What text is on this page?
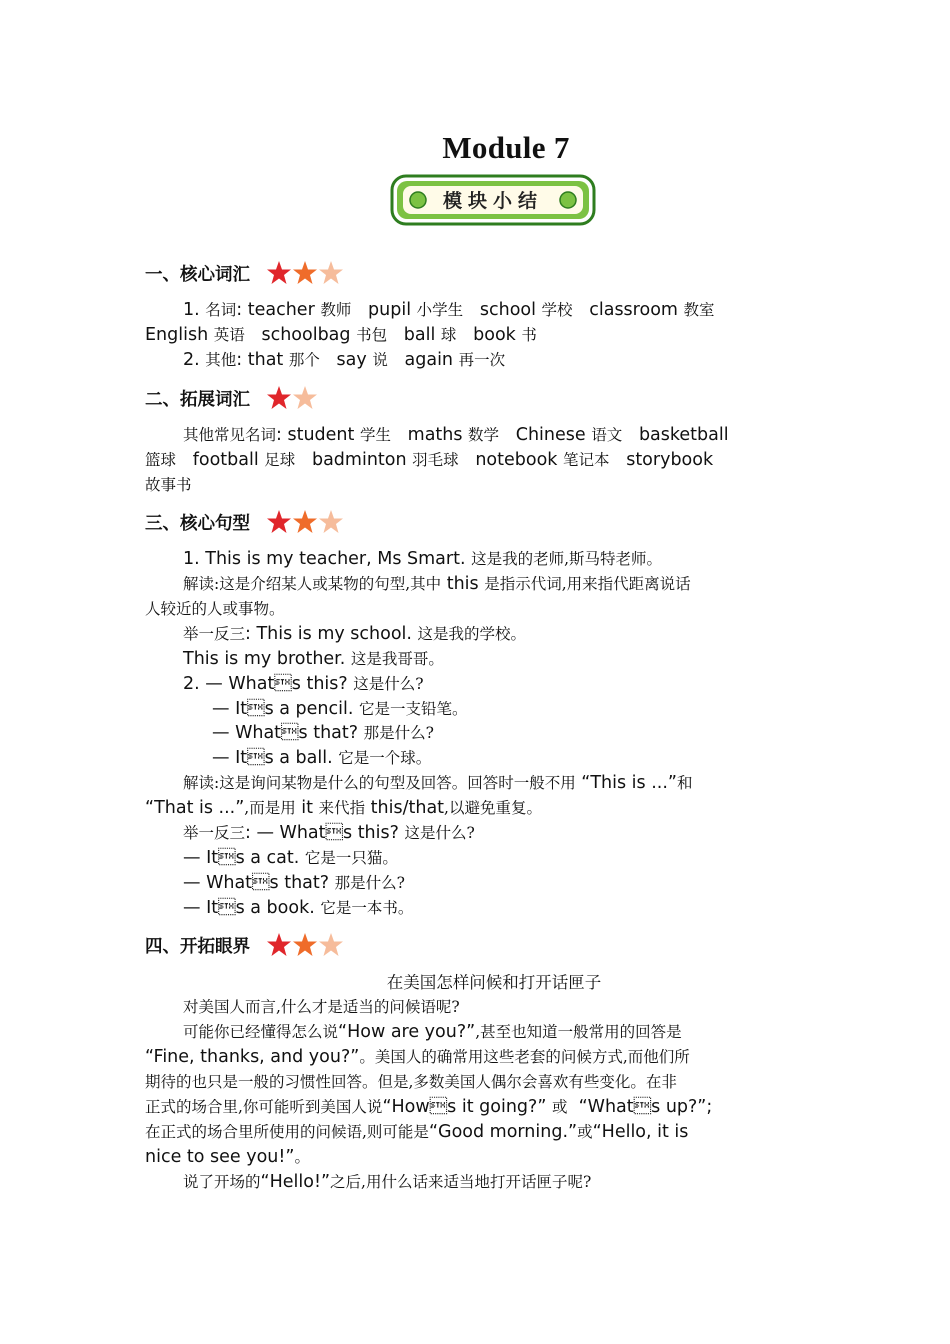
Module 7
模块小结
一、核心词汇
1. 名词: teacher 教师   pupil 小学生   school 学校   classroom 教室
English 英语   schoolbag 书包   ball 球   book 书
2. 其他: that 那个   say 说   again 再一次
二、拓展词汇
其他常见名词: student 学生   maths 数学   Chinese 语文   basketball
篮球   football 足球   badminton 羽毛球   notebook 笔记本   storybook
故事书
三、核心句型
1. This is my teacher, Ms Smart. 这是我的老师,斯马特老师。
解读:这是介绍某人或某物的句型,其中 this 是指示代词,用来指代距离说话
人较近的人或事物。
举一反三: This is my school. 这是我的学校。
This is my brother. 这是我哥哥。
2. — Whats this? 这是什么?
— Its a pencil. 它是一支铅笔。
— Whats that? 那是什么?
— Its a ball. 它是一个球。
解读:这是询问某物是什么的句型及回答。回答时一般不用 “This is ...”和
“That is ...”,而是用 it 来代指 this/that,以避免重复。
举一反三: — Whats this? 这是什么?
— Its a cat. 它是一只猫。
— Whats that? 那是什么?
— Its a book. 它是一本书。
四、开拓眼界
在美国怎样问候和打开话匣子
对美国人而言,什么才是适当的问候语呢?
可能你已经懂得怎么说“How are you?”,甚至也知道一般常用的回答是
“Fine, thanks, and you?”。美国人的确常用这些老套的问候方式,而他们所
期待的也只是一般的习惯性回答。但是,多数美国人偶尔会喜欢有些变化。在非
正式的场合里,你可能听到美国人说“Hows it going?” 或  “Whats up?”;
在正式的场合里所使用的问候语,则可能是“Good morning.”或“Hello, it is
nice to see you!”。
说了开场的“Hello!”之后,用什么话来适当地打开话匣子呢?
